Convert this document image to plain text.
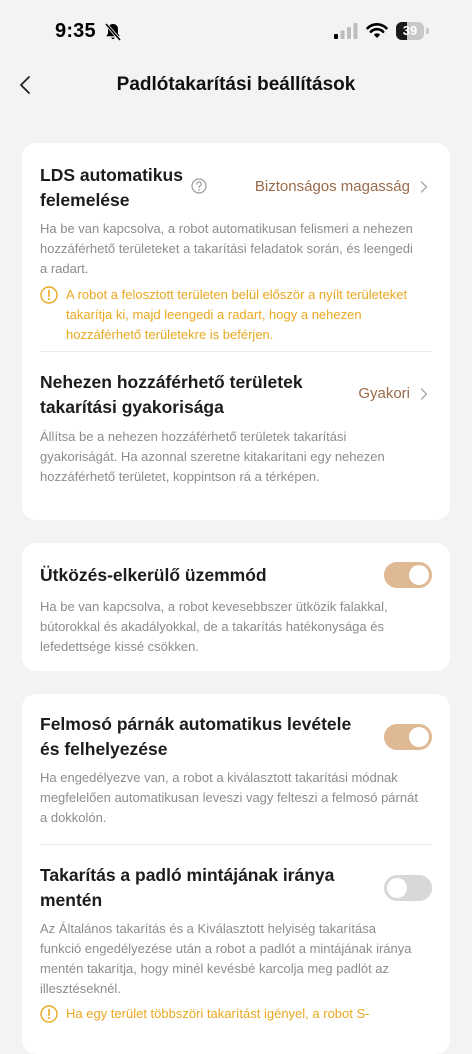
9:35	39
Padlótakarítási beállítások
LDS automatikus
felemelése
Biztonságos magasság
Ha be van kapcsolva, a robot automatikusan felismeri a nehezen hozzáférhető területeket a takarítási feladatok során, és leengedi a radart.
A robot a felosztott területen belül először a nyílt területeket takarítja ki, majd leengedi a radart, hogy a nehezen hozzáférhető területekre is beférjen.
Nehezen hozzáférhető területek
takarítási gyakorisága
Gyakori
Állítsa be a nehezen hozzáférhető területek takarítási gyakoriságát. Ha azonnal szeretne kitakarítani egy nehezen hozzáférhető területet, koppintson rá a térképen.
Ütközés-elkerülő üzemmód
Ha be van kapcsolva, a robot kevesebbszer ütközik falakkal, bútorokkal és akadályokkal, de a takarítás hatékonysága és lefedettsége kissé csökken.
Felmosó párnák automatikus levétele
és felhelyezése
Ha engedélyezve van, a robot a kiválasztott takarítási módnak megfelelően automatikusan leveszi vagy felteszi a felmosó párnát a dokkolón.
Takarítás a padló mintájának iránya
mentén
Az Általános takarítás és a Kiválasztott helyiség takarítása funkció engedélyezése után a robot a padlót a mintájának iránya mentén takarítja, hogy minél kevésbé karcolja meg padlót az illesztéseknél.
Ha egy terület többszöri takarítást igényel, a robot S-
